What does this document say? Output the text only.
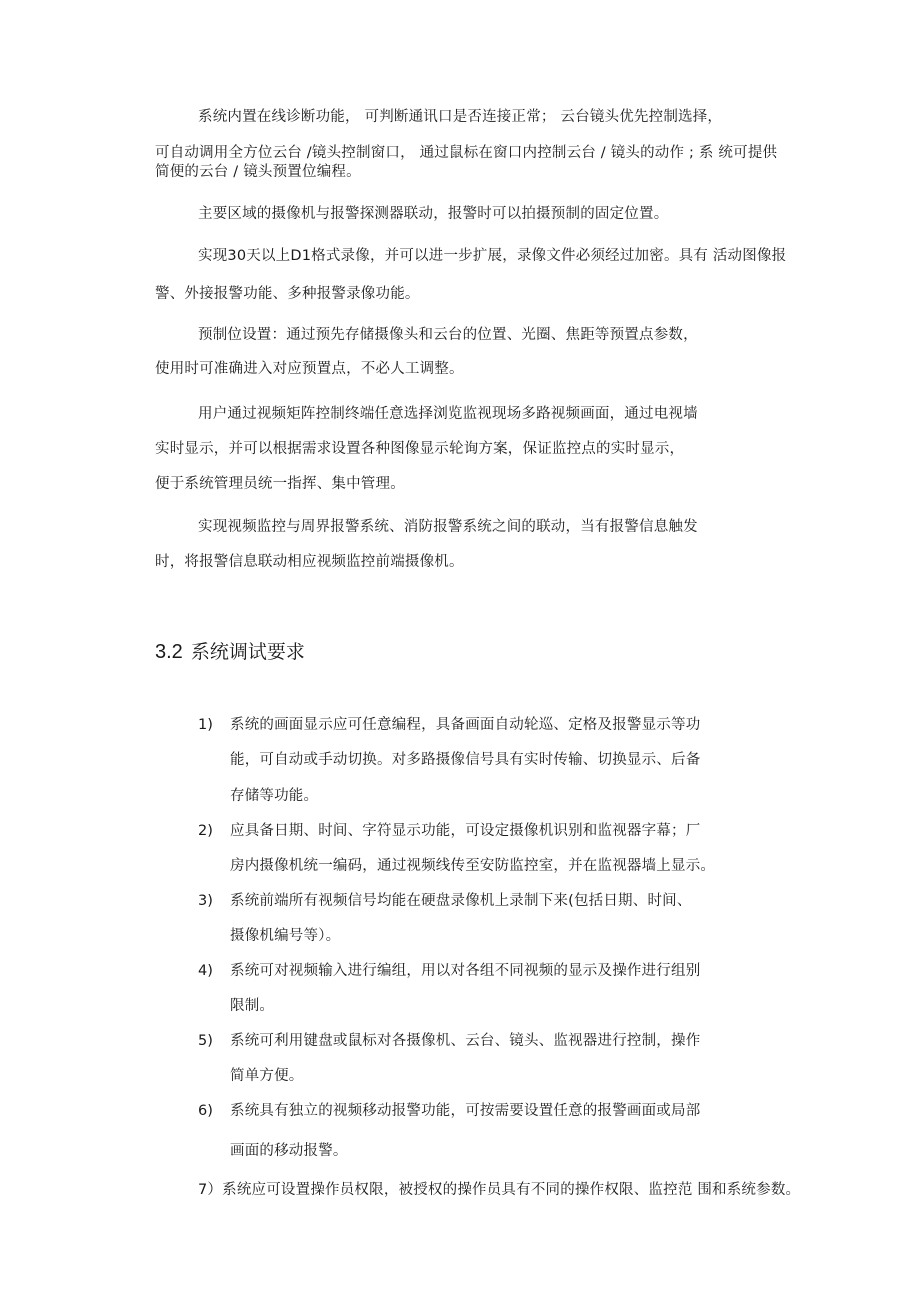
系统内置在线诊断功能， 可判断通讯口是否连接正常； 云台镜头优先控制选择，
可自动调用全方位云台 /镜头控制窗口， 通过鼠标在窗口内控制云台 / 镜头的动作 ; 系 统可提供
简便的云台 / 镜头预置位编程。
主要区域的摄像机与报警探测器联动，报警时可以拍摄预制的固定位置。
实现30天以上D1格式录像，并可以进一步扩展，录像文件必须经过加密。具有 活动图像报
警、外接报警功能、多种报警录像功能。
预制位设置：通过预先存储摄像头和云台的位置、光圈、焦距等预置点参数，
使用时可准确进入对应预置点，不必人工调整。
用户通过视频矩阵控制终端任意选择浏览监视现场多路视频画面，通过电视墙
实时显示，并可以根据需求设置各种图像显示轮询方案，保证监控点的实时显示，
便于系统管理员统一指挥、集中管理。
实现视频监控与周界报警系统、消防报警系统之间的联动，当有报警信息触发
时，将报警信息联动相应视频监控前端摄像机。
3.2 系统调试要求
1) 系统的画面显示应可任意编程，具备画面自动轮巡、定格及报警显示等功
能，可自动或手动切换。对多路摄像信号具有实时传输、切换显示、后备
存储等功能。
2) 应具备日期、时间、字符显示功能，可设定摄像机识别和监视器字幕；厂
房内摄像机统一编码，通过视频线传至安防监控室，并在监视器墙上显示。
3) 系统前端所有视频信号均能在硬盘录像机上录制下来(包括日期、时间、
摄像机编号等）。
4) 系统可对视频输入进行编组，用以对各组不同视频的显示及操作进行组别
限制。
5) 系统可利用键盘或鼠标对各摄像机、云台、镜头、监视器进行控制，操作
简单方便。
6) 系统具有独立的视频移动报警功能，可按需要设置任意的报警画面或局部
画面的移动报警。
7）系统应可设置操作员权限，被授权的操作员具有不同的操作权限、监控范 围和系统参数。
